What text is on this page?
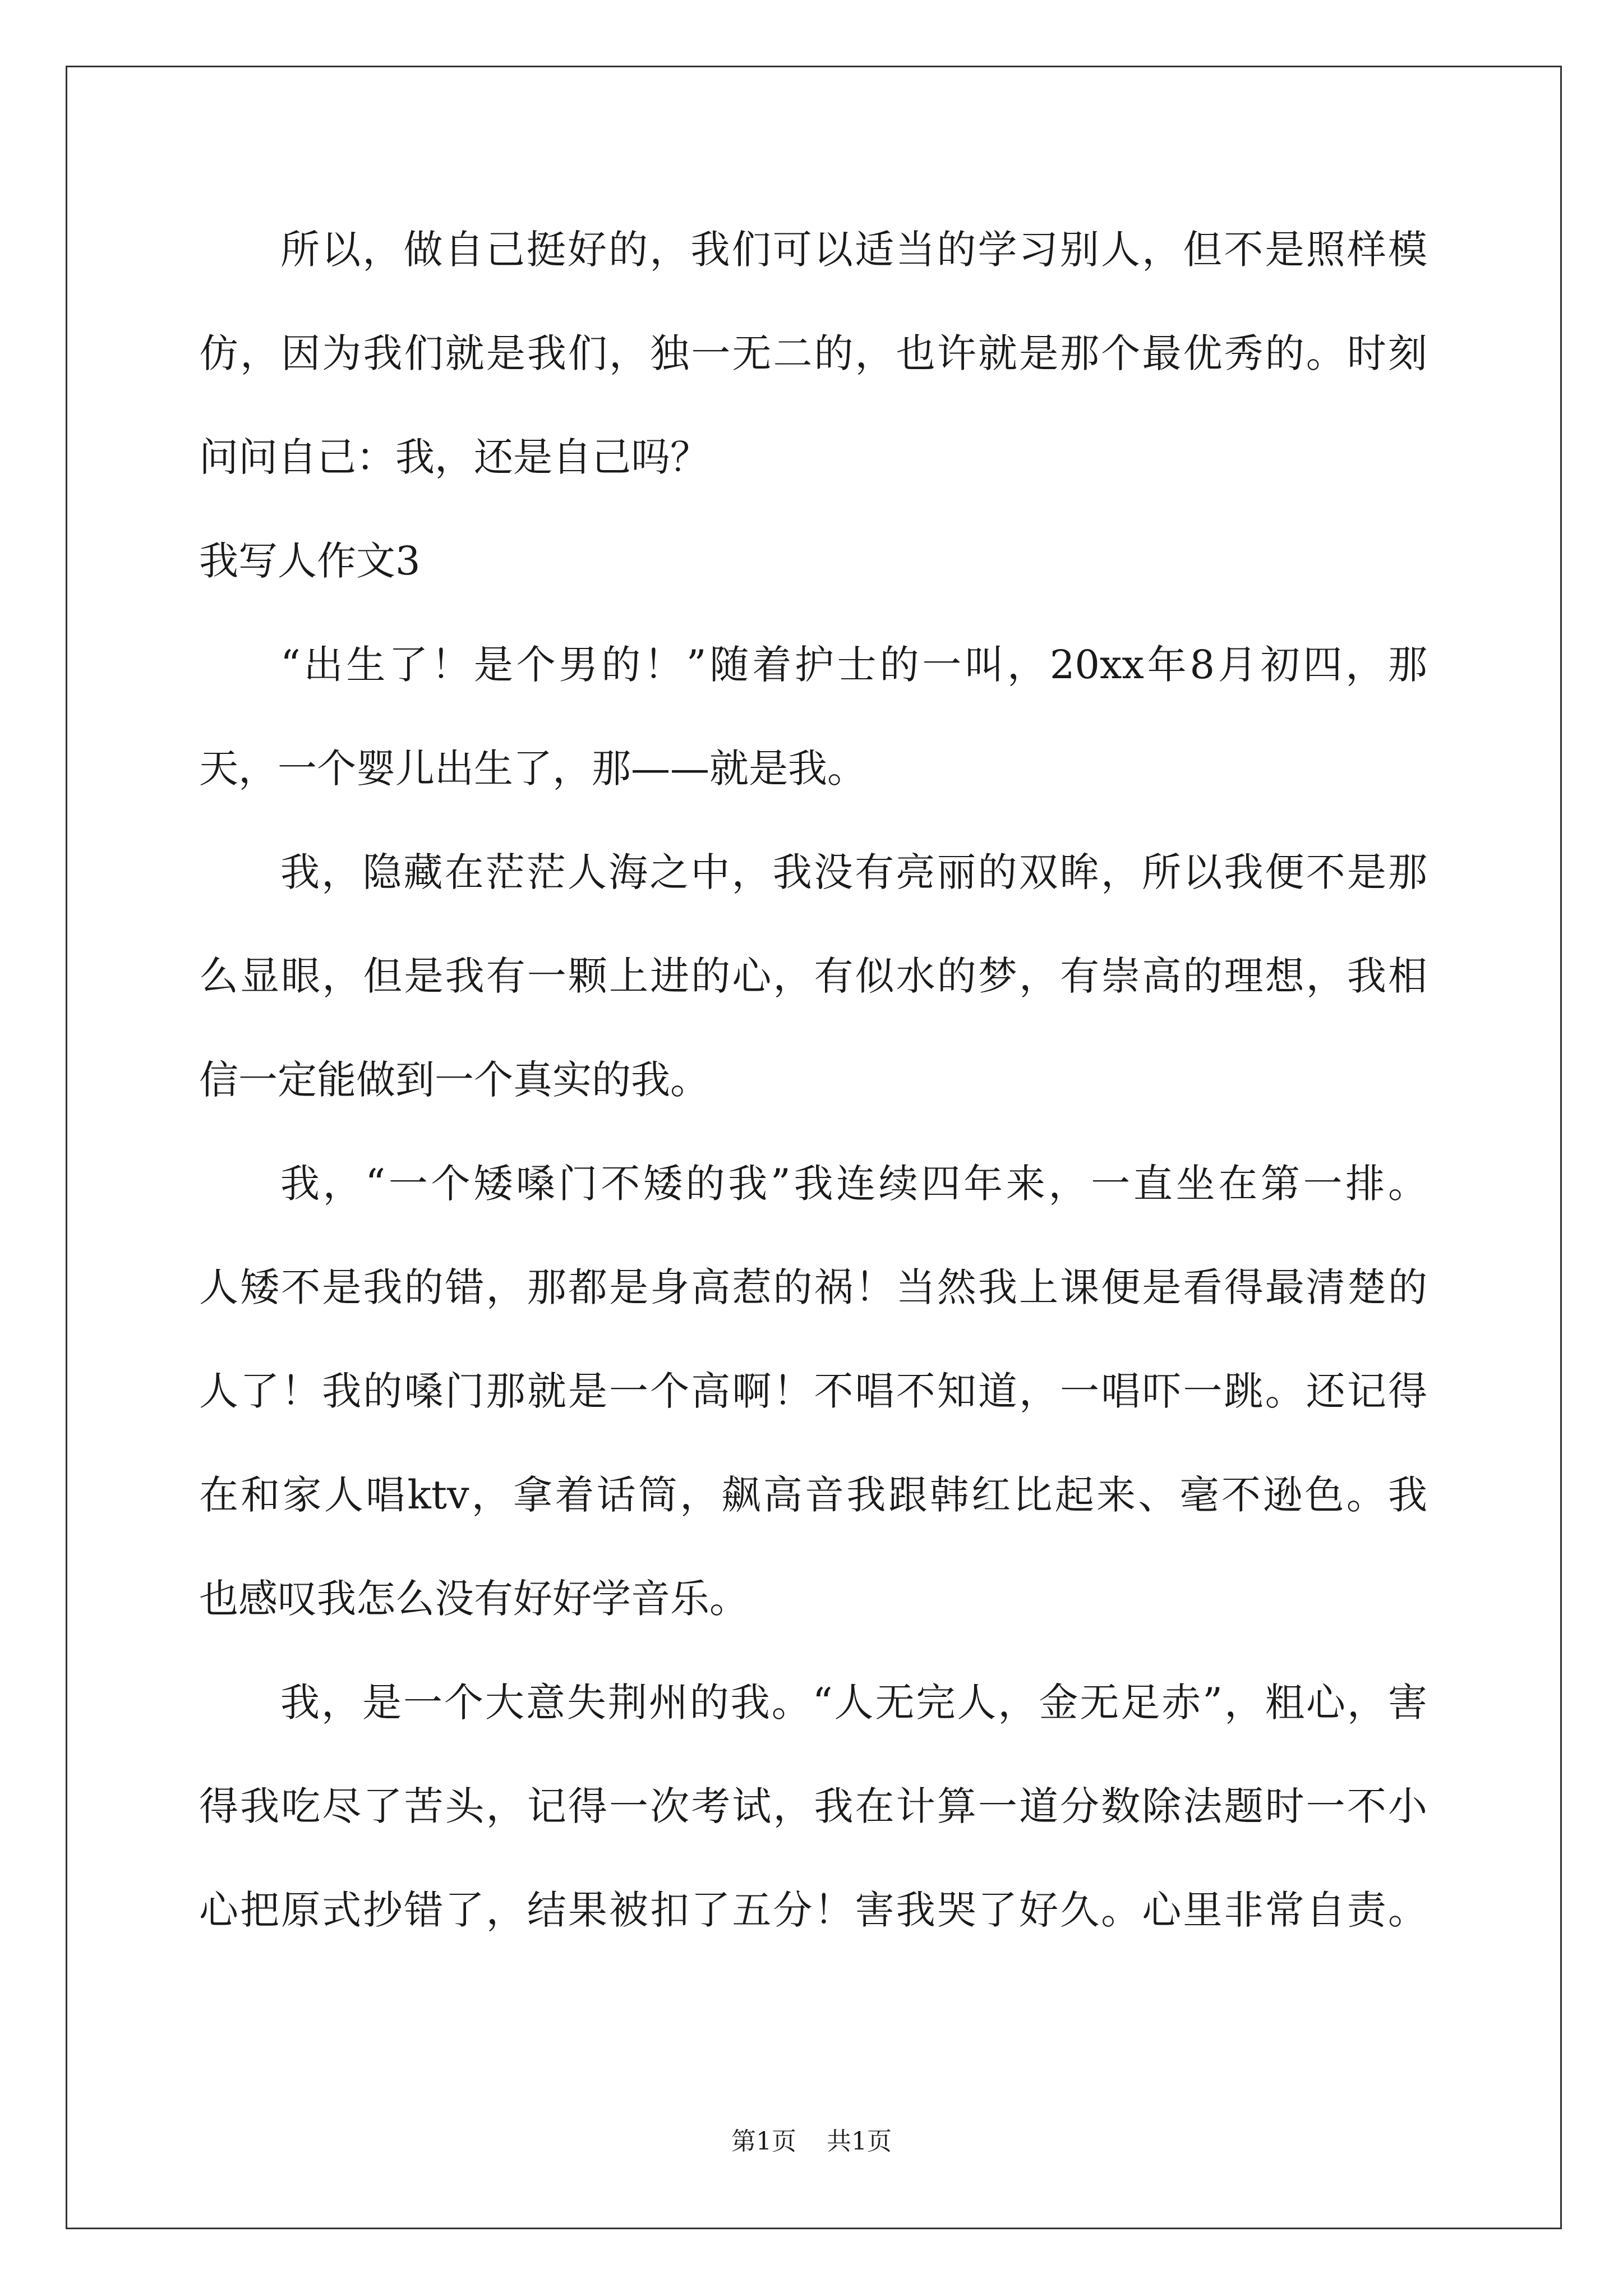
所以，做自己挺好的，我们可以适当的学习别人，但不是照样模
仿，因为我们就是我们，独一无二的，也许就是那个最优秀的。时刻
问问自己：我，还是自己吗？
我写人作文3
“出生了！是个男的！”随着护士的一叫，20xx年8月初四，那
天，一个婴儿出生了，那——就是我。
我，隐藏在茫茫人海之中，我没有亮丽的双眸，所以我便不是那
么显眼，但是我有一颗上进的心，有似水的梦，有崇高的理想，我相
信一定能做到一个真实的我。
我，“一个矮嗓门不矮的我”我连续四年来，一直坐在第一排。
人矮不是我的错，那都是身高惹的祸！当然我上课便是看得最清楚的
人了！我的嗓门那就是一个高啊！不唱不知道，一唱吓一跳。还记得
在和家人唱ktv，拿着话筒，飙高音我跟韩红比起来、毫不逊色。我
也感叹我怎么没有好好学音乐。
我，是一个大意失荆州的我。“人无完人，金无足赤”，粗心，害
得我吃尽了苦头，记得一次考试，我在计算一道分数除法题时一不小
心把原式抄错了，结果被扣了五分！害我哭了好久。心里非常自责。
第1页 共1页
